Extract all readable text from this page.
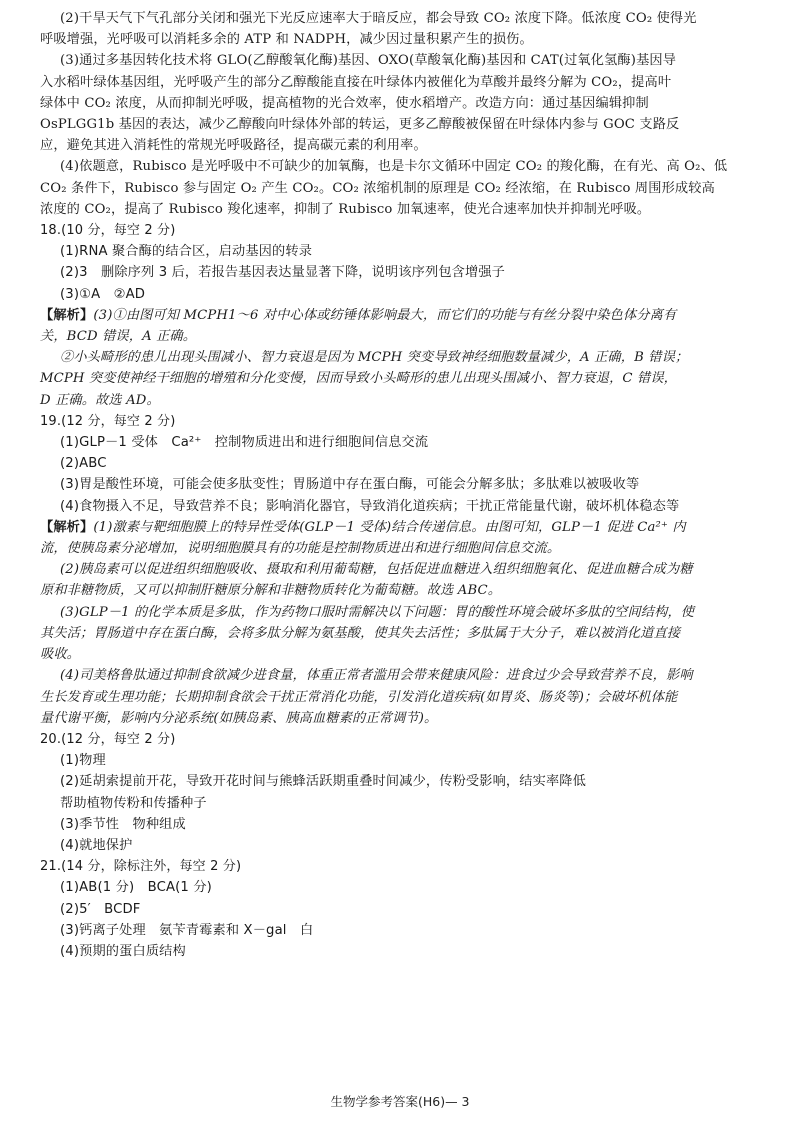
(2)干旱天气下气孔部分关闭和强光下光反应速率大于暗反应，都会导致 CO₂ 浓度下降。低浓度 CO₂ 使得光
呼吸增强，光呼吸可以消耗多余的 ATP 和 NADPH，减少因过量积累产生的损伤。
(3)通过多基因转化技术将 GLO(乙醇酸氧化酶)基因、OXO(草酸氧化酶)基因和 CAT(过氧化氢酶)基因导
入水稻叶绿体基因组，光呼吸产生的部分乙醇酸能直接在叶绿体内被催化为草酸并最终分解为 CO₂，提高叶
绿体中 CO₂ 浓度，从而抑制光呼吸，提高植物的光合效率，使水稻增产。改造方向：通过基因编辑抑制
OsPLGG1b 基因的表达，减少乙醇酸向叶绿体外部的转运，更多乙醇酸被保留在叶绿体内参与 GOC 支路反
应，避免其进入消耗性的常规光呼吸路径，提高碳元素的利用率。
(4)依题意，Rubisco 是光呼吸中不可缺少的加氧酶，也是卡尔文循环中固定 CO₂ 的羧化酶，在有光、高 O₂、低
CO₂ 条件下，Rubisco 参与固定 O₂ 产生 CO₂。CO₂ 浓缩机制的原理是 CO₂ 经浓缩，在 Rubisco 周围形成较高
浓度的 CO₂，提高了 Rubisco 羧化速率，抑制了 Rubisco 加氧速率，使光合速率加快并抑制光呼吸。
18.(10 分，每空 2 分)
(1)RNA 聚合酶的结合区，启动基因的转录
(2)3　删除序列 3 后，若报告基因表达量显著下降，说明该序列包含增强子
(3)①A　②AD
【解析】(3)①由图可知 MCPH1～6 对中心体或纺锤体影响最大，而它们的功能与有丝分裂中染色体分离有
关，BCD 错误，A 正确。
②小头畸形的患儿出现头围减小、智力衰退是因为 MCPH 突变导致神经细胞数量减少，A 正确，B 错误；
MCPH 突变使神经干细胞的增殖和分化变慢，因而导致小头畸形的患儿出现头围减小、智力衰退，C 错误，
D 正确。故选 AD。
19.(12 分，每空 2 分)
(1)GLP－1 受体　Ca²⁺　控制物质进出和进行细胞间信息交流
(2)ABC
(3)胃是酸性环境，可能会使多肽变性；胃肠道中存在蛋白酶，可能会分解多肽；多肽难以被吸收等
(4)食物摄入不足，导致营养不良；影响消化器官，导致消化道疾病；干扰正常能量代谢，破坏机体稳态等
【解析】(1)激素与靶细胞膜上的特异性受体(GLP－1 受体)结合传递信息。由图可知，GLP－1 促进 Ca²⁺ 内
流，使胰岛素分泌增加，说明细胞膜具有的功能是控制物质进出和进行细胞间信息交流。
(2)胰岛素可以促进组织细胞吸收、摄取和利用葡萄糖，包括促进血糖进入组织细胞氧化、促进血糖合成为糖
原和非糖物质，又可以抑制肝糖原分解和非糖物质转化为葡萄糖。故选 ABC。
(3)GLP－1 的化学本质是多肽，作为药物口服时需解决以下问题：胃的酸性环境会破坏多肽的空间结构，使
其失活；胃肠道中存在蛋白酶，会将多肽分解为氨基酸，使其失去活性；多肽属于大分子，难以被消化道直接
吸收。
(4)司美格鲁肽通过抑制食欲减少进食量，体重正常者滥用会带来健康风险：进食过少会导致营养不良，影响
生长发育或生理功能；长期抑制食欲会干扰正常消化功能，引发消化道疾病(如胃炎、肠炎等)；会破坏机体能
量代谢平衡，影响内分泌系统(如胰岛素、胰高血糖素的正常调节)。
20.(12 分，每空 2 分)
(1)物理
(2)延胡索提前开花，导致开花时间与熊蜂活跃期重叠时间减少，传粉受影响，结实率降低
帮助植物传粉和传播种子
(3)季节性　物种组成
(4)就地保护
21.(14 分，除标注外，每空 2 分)
(1)AB(1 分)　BCA(1 分)
(2)5′　BCDF
(3)钙离子处理　氨苄青霉素和 X－gal　白
(4)预期的蛋白质结构
生物学参考答案(H6)— 3
